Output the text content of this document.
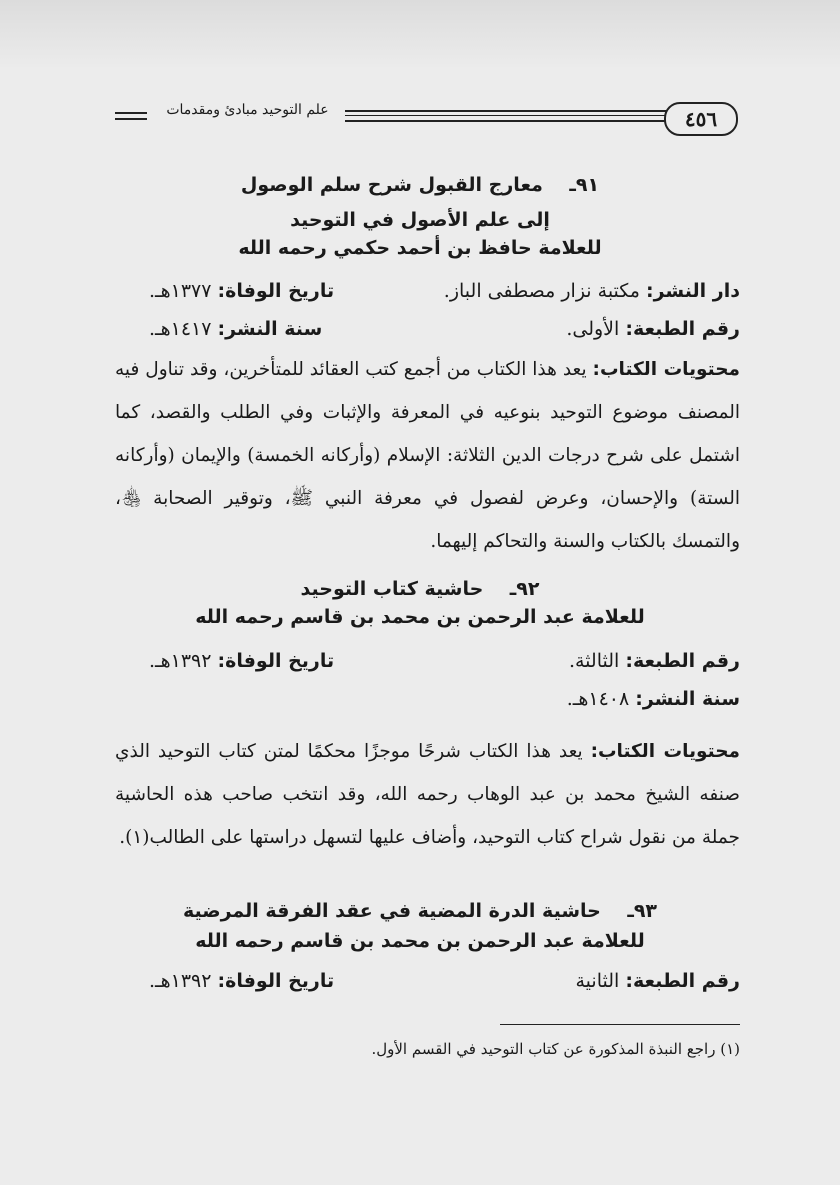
علم التوحيد مبادئ ومقدمات	٤٥٦
٩١ـ    معارج القبول شرح سلم الوصول
إلى علم الأصول في التوحيد
للعلامة حافظ بن أحمد حكمي رحمه الله
دار النشر: مكتبة نزار مصطفى الباز.
تاريخ الوفاة: ١٣٧٧هـ.
رقم الطبعة: الأولى.
سنة النشر: ١٤١٧هـ.
محتويات الكتاب: يعد هذا الكتاب من أجمع كتب العقائد للمتأخرين، وقد تناول فيه المصنف موضوع التوحيد بنوعيه في المعرفة والإثبات وفي الطلب والقصد، كما اشتمل على شرح درجات الدين الثلاثة: الإسلام (وأركانه الخمسة) والإيمان (وأركانه الستة) والإحسان، وعرض لفصول في معرفة النبي ﷺ، وتوقير الصحابة ﵃، والتمسك بالكتاب والسنة والتحاكم إليهما.
٩٢ـ    حاشية كتاب التوحيد
للعلامة عبد الرحمن بن محمد بن قاسم رحمه الله
رقم الطبعة: الثالثة.
تاريخ الوفاة: ١٣٩٢هـ.
سنة النشر: ١٤٠٨هـ.
محتويات الكتاب: يعد هذا الكتاب شرحًا موجزًا محكمًا لمتن كتاب التوحيد الذي صنفه الشيخ محمد بن عبد الوهاب رحمه الله، وقد انتخب صاحب هذه الحاشية جملة من نقول شراح كتاب التوحيد، وأضاف عليها لتسهل دراستها على الطالب(١).
٩٣ـ    حاشية الدرة المضية في عقد الفرقة المرضية
للعلامة عبد الرحمن بن محمد بن قاسم رحمه الله
رقم الطبعة: الثانية
تاريخ الوفاة: ١٣٩٢هـ.
(١) راجع النبذة المذكورة عن كتاب التوحيد في القسم الأول.
